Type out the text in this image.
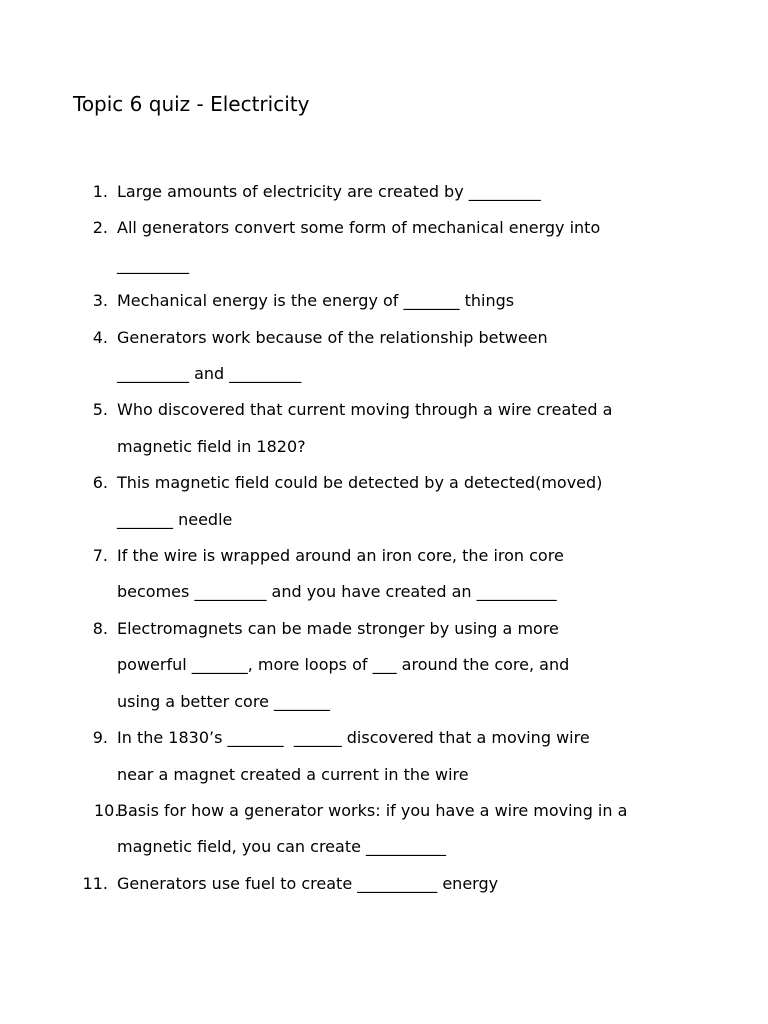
Topic 6 quiz - Electricity
1. Large amounts of electricity are created by _________
2. All generators convert some form of mechanical energy into
_________
3. Mechanical energy is the energy of _______ things
4. Generators work because of the relationship between
_________ and _________
5. Who discovered that current moving through a wire created a
magnetic field in 1820?
6. This magnetic field could be detected by a detected(moved)
_______ needle
7. If the wire is wrapped around an iron core, the iron core
becomes _________ and you have created an __________
8. Electromagnets can be made stronger by using a more
powerful _______, more loops of ___ around the core, and
using a better core _______
9. In the 1830’s _______  ______ discovered that a moving wire
near a magnet created a current in the wire
10.
Basis for how a generator works: if you have a wire moving in a
magnetic field, you can create __________
11. Generators use fuel to create __________ energy
